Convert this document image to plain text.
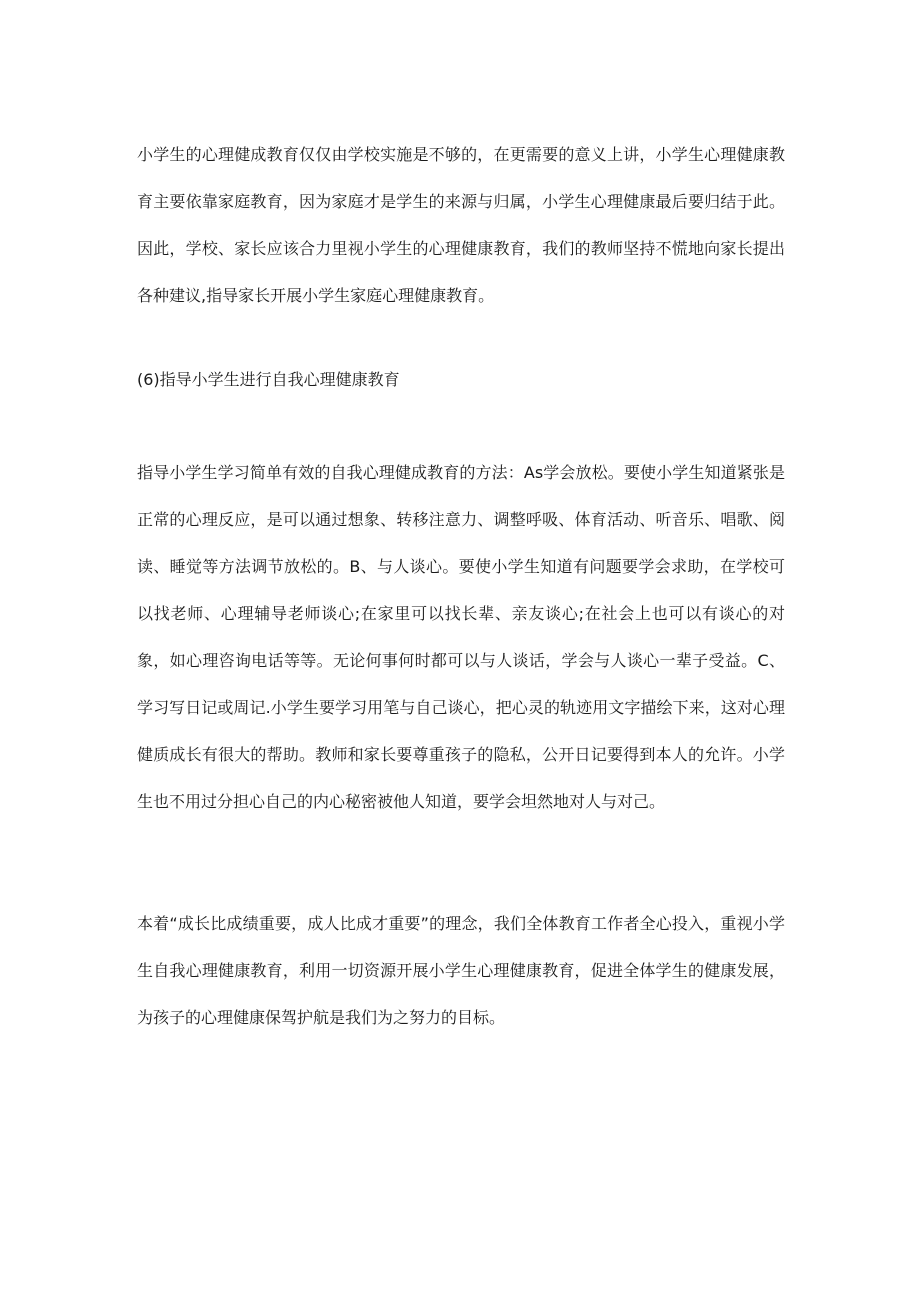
小学生的心理健成教育仅仅由学校实施是不够的，在更需要的意义上讲，小学生心理健康教育主要依靠家庭教育，因为家庭才是学生的来源与归属，小学生心理健康最后要归结于此。因此，学校、家长应该合力里视小学生的心理健康教育，我们的教师坚持不慌地向家长提出各种建议,指导家长开展小学生家庭心理健康教育。

(6)指导小学生进行自我心理健康教育

指导小学生学习简单有效的自我心理健成教育的方法：As学会放松。要使小学生知道紧张是正常的心理反应，是可以通过想象、转移注意力、调整呼吸、体育活动、听音乐、唱歌、阅读、睡觉等方法调节放松的。B、与人谈心。要使小学生知道有问题要学会求助，在学校可以找老师、心理辅导老师谈心;在家里可以找长辈、亲友谈心;在社会上也可以有谈心的对象，如心理咨询电话等等。无论何事何时都可以与人谈话，学会与人谈心一辈子受益。C、学习写日记或周记.小学生要学习用笔与自己谈心，把心灵的轨迹用文字描绘下来，这对心理健质成长有很大的帮助。教师和家长要尊重孩子的隐私，公开日记要得到本人的允许。小学生也不用过分担心自己的内心秘密被他人知道，要学会坦然地对人与对己。

本着“成长比成绩重要，成人比成才重要”的理念，我们全体教育工作者全心投入，重视小学生自我心理健康教育，利用一切资源开展小学生心理健康教育，促进全体学生的健康发展，为孩子的心理健康保驾护航是我们为之努力的目标。
